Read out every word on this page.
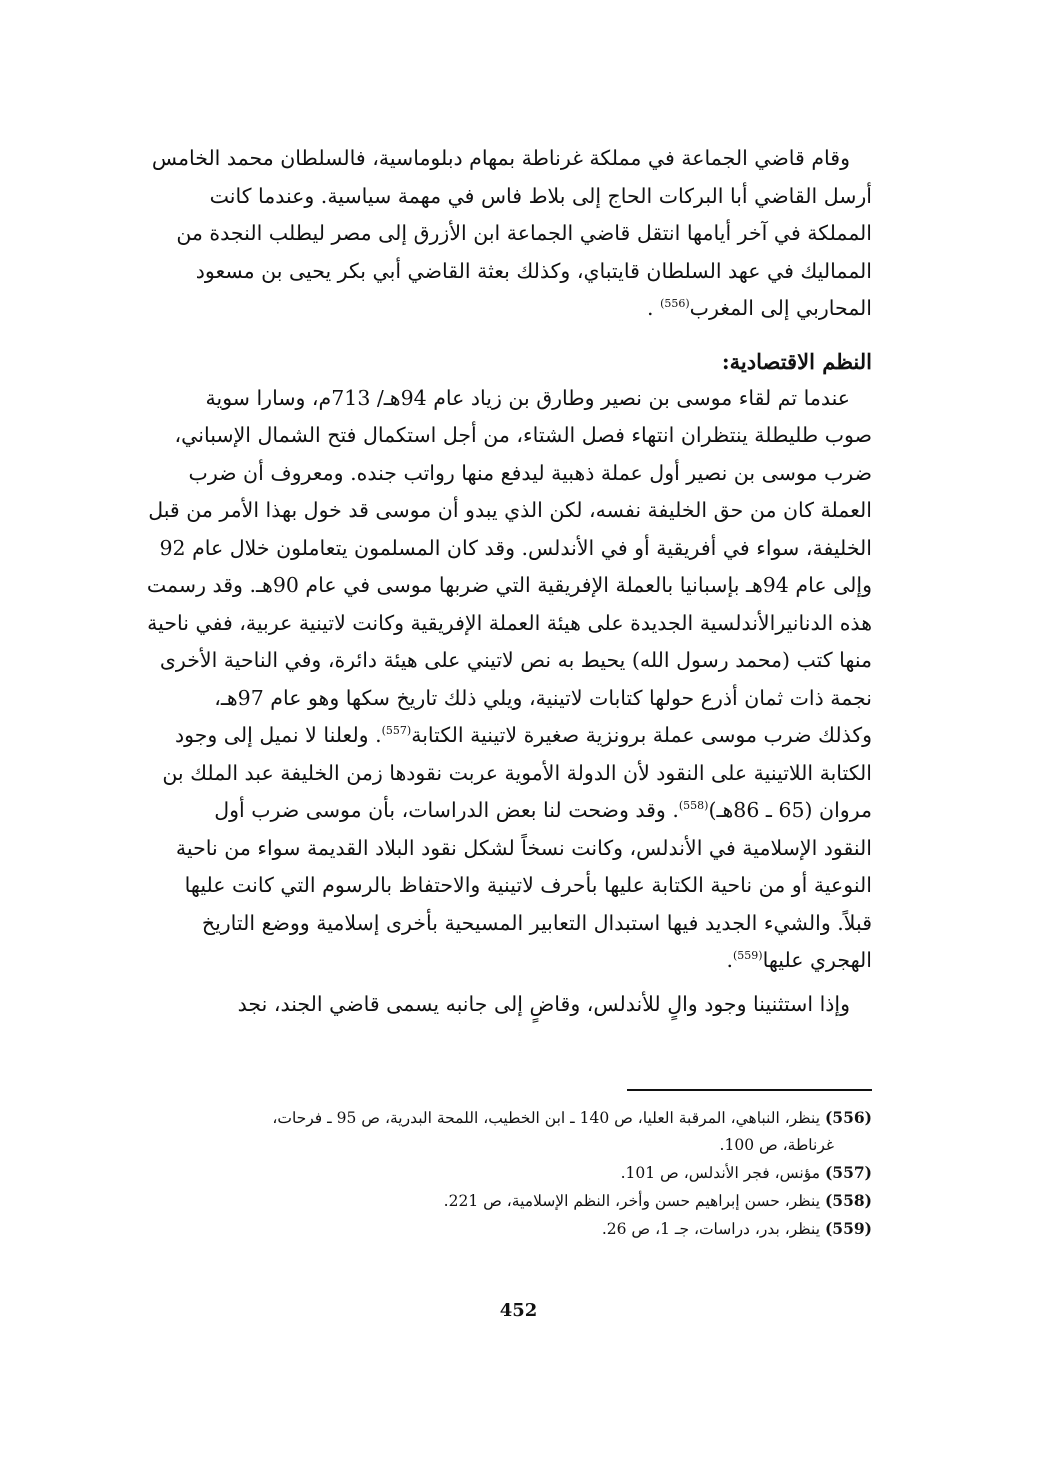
وقام قاضي الجماعة في مملكة غرناطة بمهام دبلوماسية، فالسلطان محمد الخامس
أرسل القاضي أبا البركات الحاج إلى بلاط فاس في مهمة سياسية. وعندما كانت
المملكة في آخر أيامها انتقل قاضي الجماعة ابن الأزرق إلى مصر ليطلب النجدة من
المماليك في عهد السلطان قايتباي، وكذلك بعثة القاضي أبي بكر يحيى بن مسعود
المحاربي إلى المغرب$^{(556)}$ .
النظم الاقتصادية:
عندما تم لقاء موسى بن نصير وطارق بن زياد عام 94هـ/ 713م، وسارا سوية
صوب طليطلة ينتظران انتهاء فصل الشتاء، من أجل استكمال فتح الشمال الإسباني،
ضرب موسى بن نصير أول عملة ذهبية ليدفع منها رواتب جنده. ومعروف أن ضرب
العملة كان من حق الخليفة نفسه، لكن الذي يبدو أن موسى قد خول بهذا الأمر من قبل
الخليفة، سواء في أفريقية أو في الأندلس. وقد كان المسلمون يتعاملون خلال عام 92
وإلى عام 94هـ بإسبانيا بالعملة الإفريقية التي ضربها موسى في عام 90هـ. وقد رسمت
هذه الدنانيرالأندلسية الجديدة على هيئة العملة الإفريقية وكانت لاتينية عربية، ففي ناحية
منها كتب (محمد رسول الله) يحيط به نص لاتيني على هيئة دائرة، وفي الناحية الأخرى
نجمة ذات ثمان أذرع حولها كتابات لاتينية، ويلي ذلك تاريخ سكها وهو عام 97هـ،
وكذلك ضرب موسى عملة برونزية صغيرة لاتينية الكتابة$^{(557)}$. ولعلنا لا نميل إلى وجود
الكتابة اللاتينية على النقود لأن الدولة الأموية عربت نقودها زمن الخليفة عبد الملك بن
مروان (65 ـ 86هـ)$^{(558)}$. وقد وضحت لنا بعض الدراسات، بأن موسى ضرب أول
النقود الإسلامية في الأندلس، وكانت نسخاً لشكل نقود البلاد القديمة سواء من ناحية
النوعية أو من ناحية الكتابة عليها بأحرف لاتينية والاحتفاظ بالرسوم التي كانت عليها
قبلاً. والشيء الجديد فيها استبدال التعابير المسيحية بأخرى إسلامية ووضع التاريخ
الهجري عليها$^{(559)}$.
وإذا استثنينا وجود والٍ للأندلس، وقاضٍ إلى جانبه يسمى قاضي الجند، نجد

(556) ينظر، النباهي، المرقبة العليا، ص 140 ـ ابن الخطيب، اللمحة البدرية، ص 95 ـ فرحات،
غرناطة، ص 100.

(557) مؤنس، فجر الأندلس، ص 101.

(558) ينظر، حسن إبراهيم حسن وأخر، النظم الإسلامية، ص 221.

(559) ينظر، بدر، دراسات، جـ 1، ص 26.

452
